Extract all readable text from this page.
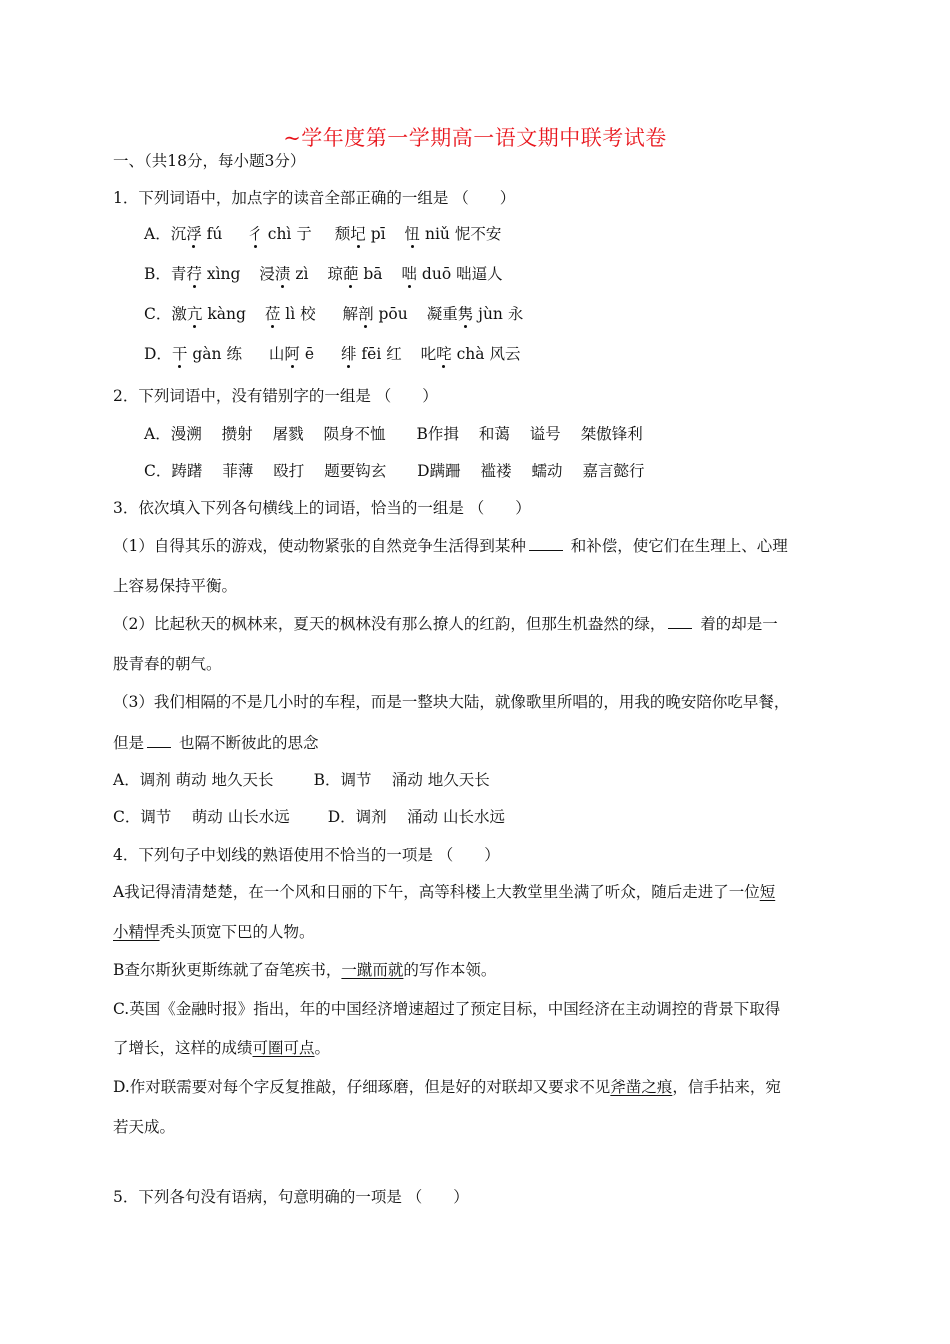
~学年度第一学期高一语文期中联考试卷
一、（共18分，每小题3分）
1．下列词语中，加点字的读音全部正确的一组是 （　　）
A．沉浮 fú 彳 chì 亍 颓圮 pī 忸 niǔ 怩不安
B．青荇 xìng 浸渍 zì 琼葩 bā 咄 duō 咄逼人
C．激亢 kàng 莅 lì 校 解剖 pōu 凝重隽 jùn 永
D．干 gàn 练 山阿 ē 绯 fēi 红 叱咤 chà 风云
2．下列词语中，没有错别字的一组是 （　　）
A．漫溯 攒射 屠戮 陨身不恤 B作揖 和蔼 谥号 桀傲锋利
C．踌躇 菲薄 殴打 题要钩玄 D蹒跚 褴褛 蠕动 嘉言懿行
3．依次填入下列各句横线上的词语，恰当的一组是 （　　）
（1）自得其乐的游戏，使动物紧张的自然竞争生活得到某种	和补偿，使它们在生理上、心理
上容易保持平衡。
（2）比起秋天的枫林来，夏天的枫林没有那么撩人的红韵，但那生机盎然的绿， 着的却是一
股青春的朝气。
（3）我们相隔的不是几小时的车程，而是一整块大陆，就像歌里所唱的，用我的晚安陪你吃早餐，
但是 也隔不断彼此的思念
A．调剂 萌动 地久天长	B．调节　 涌动 地久天长
C．调节　 萌动 山长水远 D．调剂　 涌动 山长水远
4．下列句子中划线的熟语使用不恰当的一项是 （　　）
A我记得清清楚楚，在一个风和日丽的下午，高等科楼上大教堂里坐满了听众，随后走进了一位短
小精悍秃头顶宽下巴的人物。
B查尔斯狄更斯练就了奋笔疾书，一蹴而就的写作本领。
C.英国《金融时报》指出，年的中国经济增速超过了预定目标，中国经济在主动调控的背景下取得
了增长，这样的成绩可圈可点。
D.作对联需要对每个字反复推敲，仔细琢磨，但是好的对联却又要求不见斧凿之痕，信手拈来，宛
若天成。
5．下列各句没有语病，句意明确的一项是 （　　）
